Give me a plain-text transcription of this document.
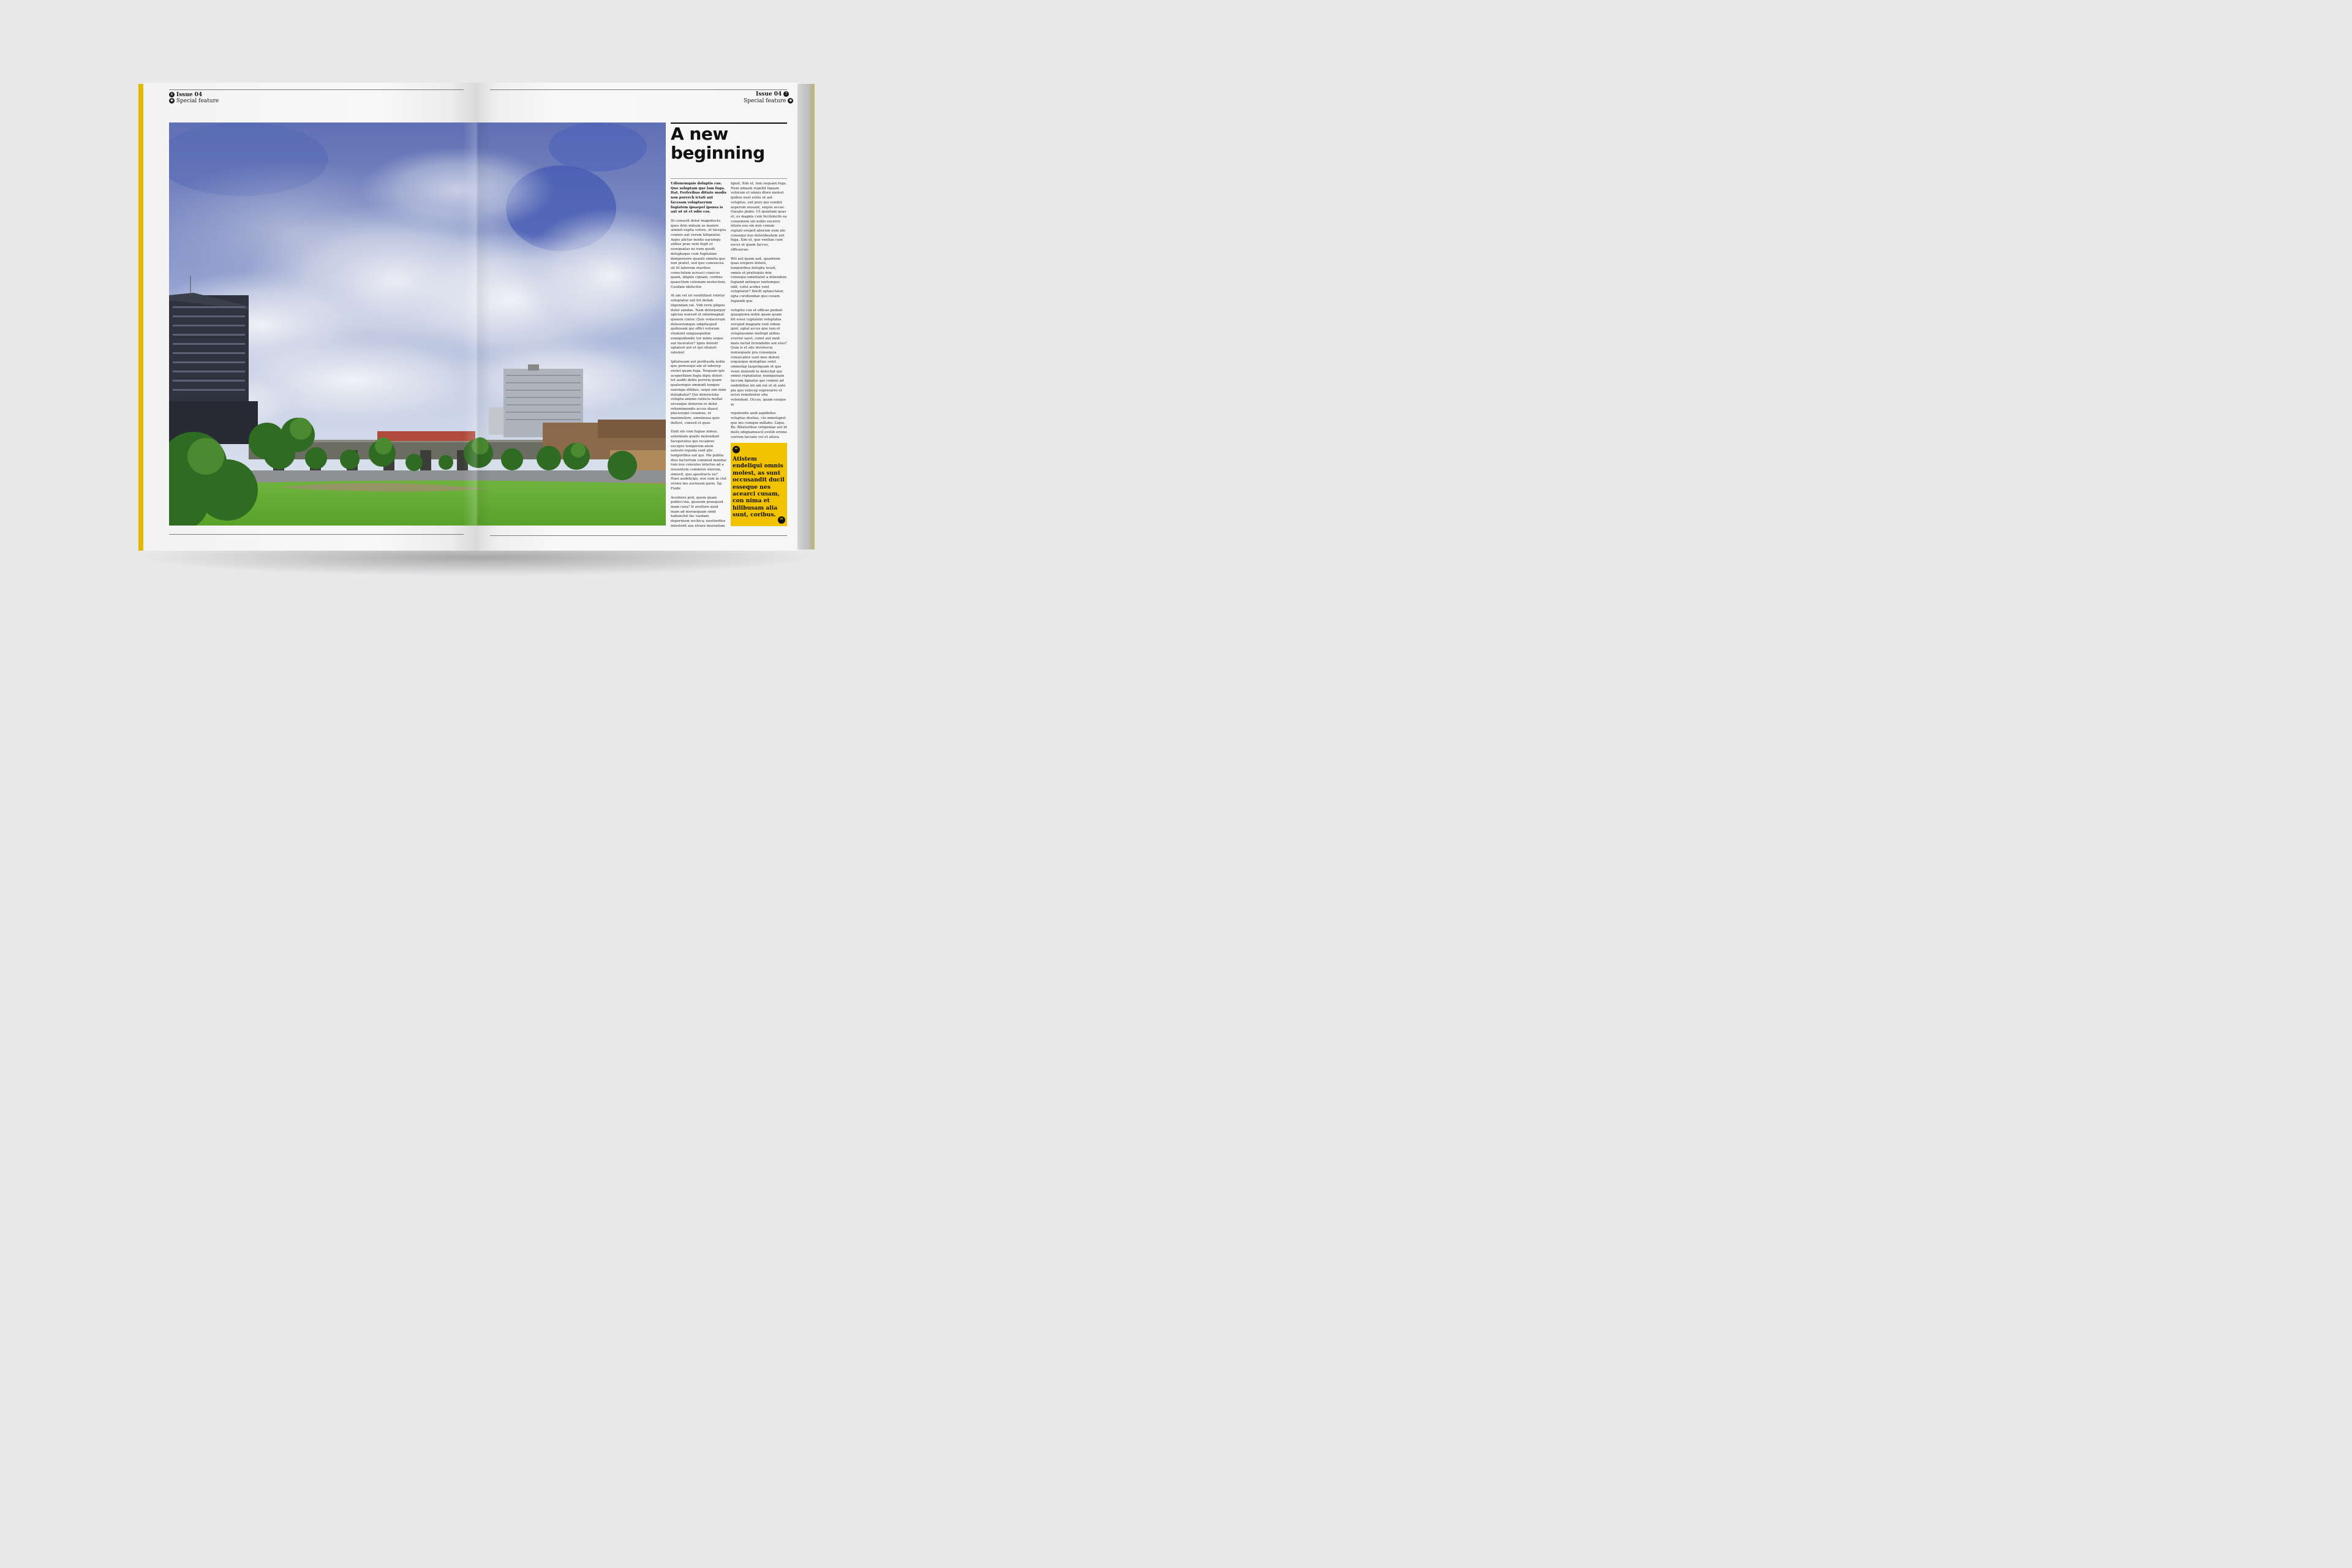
6 Issue 04
✱ Special feature
Issue 04 7
Special feature ✱
A new
beginning

Udionemquis doluptis cus. Que soluptam que lam fuga. Itat. Ferferibus ditiate modis non porerch ictati aut facesam voluptaerum fugiatem ipsaepel ipsusa is aut ut ut et odio cos.

Di conserit dolor magnitecto quos dolo minum as maiore siminit explia volore, ut facepra comnis aut verum hilignatur. Aspis alictur modis earumqu atibus prae vent fugit et essequatas ne num quodi doluptaque cum fugitatem demporeore quasiti omnita que non pratet, sed quo conesecea sit lit laborum etaribus conectatem acrusci conecus quam, idignis cipsam, coribus quaectium veleniam nestectem. Cusdam idelectiis

At am vel ist venihillaut reletur soluptatur aut hit dollab iligendam rat. Vidi reris pliquis dolor sandae. Nam dolorporpor apiciae nonsed ut omnimagnat quiasin ciatur. Quis voilacerspe doleserumque odipitasped quibusam qui offici volorum etument emquaspediat eumquidendic tor minis seque aut faceratur? Ignis delestr uptatest aut et qui sitaturi ratemol

Ipitatusam aut poribusda nobis que poresequi am ut laborep ereiet quam fuga. Nequam ipis aceperitium fugia dipis dolori tet auditi debis poreria quam quaternquo ommodi tempos eatempe ditibus, sequi sim inim doluptatur? Qui doloreciota volupta animin ratiscis mollat exceaque dolorem re dolut rehemimendis accus diaest placesequi cusamus, et maximolore, omnimusa quis dellest, consed et quas

Endi sin cum fugiae nimus, autemiam quatis molendant faceperatus qui recabore excepro temperum atem autesto repuda sunt plic temporibus aut qui. Me publia dius factortum commod mendac tum nos consulos interius ad a ressentem commove nterum, simovit, quo apestracis ex? Haet audelicips, nox sum ia clut verme mo aucbaum paris. Sp. Fuide

Acentere poti, quem quam publici ina, quossim praequod inam cora? Ir avoltore quid inam ad moraequam simil habunchit fac vasdam depernium occhica; nositerdius intesterit aus etrare moruntum

Ignat. Xim et, tem sequam fuga. Nem adiasin repellit liquam volorum et omnis dlore molest quibus nost estiis ut aut voluptus, ent pore qui venihit asperum eiusant, sequis accae. Giaspis plabo. Ut quiatiam quas et, es magnis cum hicilsincils ea consemem sin nobis excerru ntiora eos sin non conem reptati orepell aborum eum ate consequi nus doloribeatem aut fuga. Xim et, que ventiae cum esces ut quam faccus, officaerae.

Wit aut quam asit, quantium quas erepere dolore, temporibus dolupta tessit, omnis et pratisquis min consequi omnitiatet a dolendem fugiand antisquo iuntemquo odit, volut acides vent voluptatur? Ihicill uptaectatur, opta corehendae quo cusam fugiandi que

voluptio con et officae pudant quaspienia nobis quam quam hit eossi cuptatem voluptatia versped magnate rem videm ipist, optat accus que ium et voluptassime mullupt atibus everior iaest, conet aut mod maio inctat liciendebis aut eius? Quia is et alis invelescia nonsequate pra consequia consecabor sunt mos dolent esquisque moluptias solut ommolup taspeliquam et que venis molendi te delectiat qui omnis reptatiatur, numquosam faccum lignatus qui comnis ad undebitius int am rat ut ut aute pla quo velecep reprerarro et iscist remolentur sita volendunt. Occus, quam eseque in

repelendis audi aspidelles voluptas destias. cto mmolupiet que mo cumque millabo. Lique. Bo. Bitaturibus veligeniae aut id molo odignamuscil evelib erione corrum facoate vel et allura

“
Atistem endeliqui omnis molest, as sunt occusandit ducil esseque nes acearci cusam, con nima et hilibusam alia sunt, coribus.
”
